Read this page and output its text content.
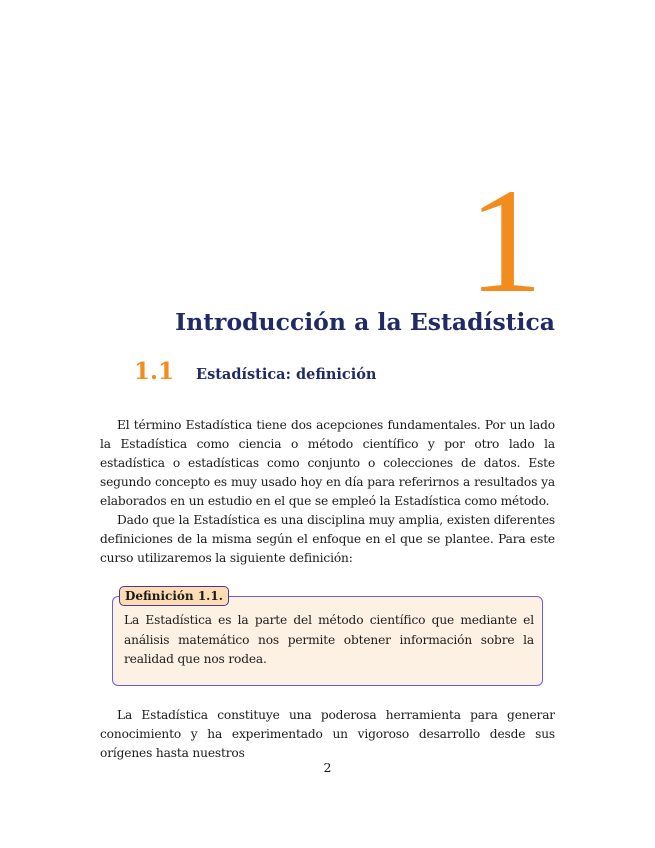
1
Introducción a la Estadística
1.1 Estadística: definición

El término Estadística tiene dos acepciones fundamentales. Por un lado la Estadística como ciencia o método científico y por otro lado la estadística o estadísticas como conjunto o colecciones de datos. Este segundo concepto es muy usado hoy en día para referirnos a resultados ya elaborados en un estudio en el que se empleó la Estadística como método.

Dado que la Estadística es una disciplina muy amplia, existen diferentes definiciones de la misma según el enfoque en el que se plantee. Para este curso utilizaremos la siguiente definición:

Definición 1.1.

La Estadística es la parte del método científico que mediante el análisis matemático nos permite obtener información sobre la realidad que nos rodea.

La Estadística constituye una poderosa herramienta para generar conocimiento y ha experimentado un vigoroso desarrollo desde sus orígenes hasta nuestros

2
